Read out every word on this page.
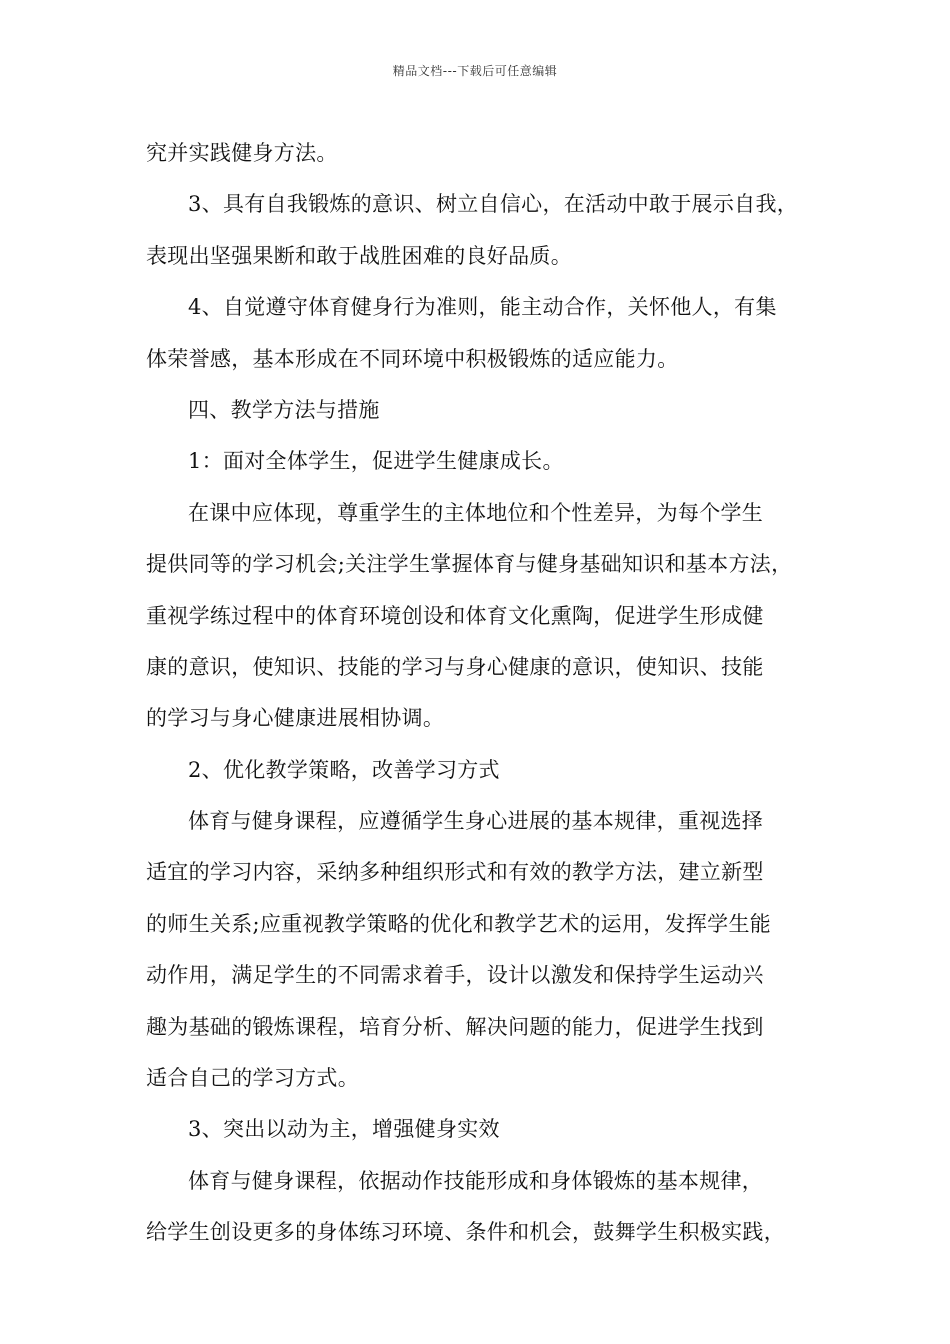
精品文档---下载后可任意编辑
究并实践健身方法。
3、具有自我锻炼的意识、树立自信心，在活动中敢于展示自我，
表现出坚强果断和敢于战胜困难的良好品质。
4、自觉遵守体育健身行为准则，能主动合作，关怀他人，有集
体荣誉感，基本形成在不同环境中积极锻炼的适应能力。
四、教学方法与措施
1：面对全体学生，促进学生健康成长。
在课中应体现，尊重学生的主体地位和个性差异，为每个学生
提供同等的学习机会;关注学生掌握体育与健身基础知识和基本方法，
重视学练过程中的体育环境创设和体育文化熏陶，促进学生形成健
康的意识，使知识、技能的学习与身心健康的意识，使知识、技能
的学习与身心健康进展相协调。
2、优化教学策略，改善学习方式
体育与健身课程，应遵循学生身心进展的基本规律，重视选择
适宜的学习内容，采纳多种组织形式和有效的教学方法，建立新型
的师生关系;应重视教学策略的优化和教学艺术的运用，发挥学生能
动作用，满足学生的不同需求着手，设计以激发和保持学生运动兴
趣为基础的锻炼课程，培育分析、解决问题的能力，促进学生找到
适合自己的学习方式。
3、突出以动为主，增强健身实效
体育与健身课程，依据动作技能形成和身体锻炼的基本规律，
给学生创设更多的身体练习环境、条件和机会，鼓舞学生积极实践，
